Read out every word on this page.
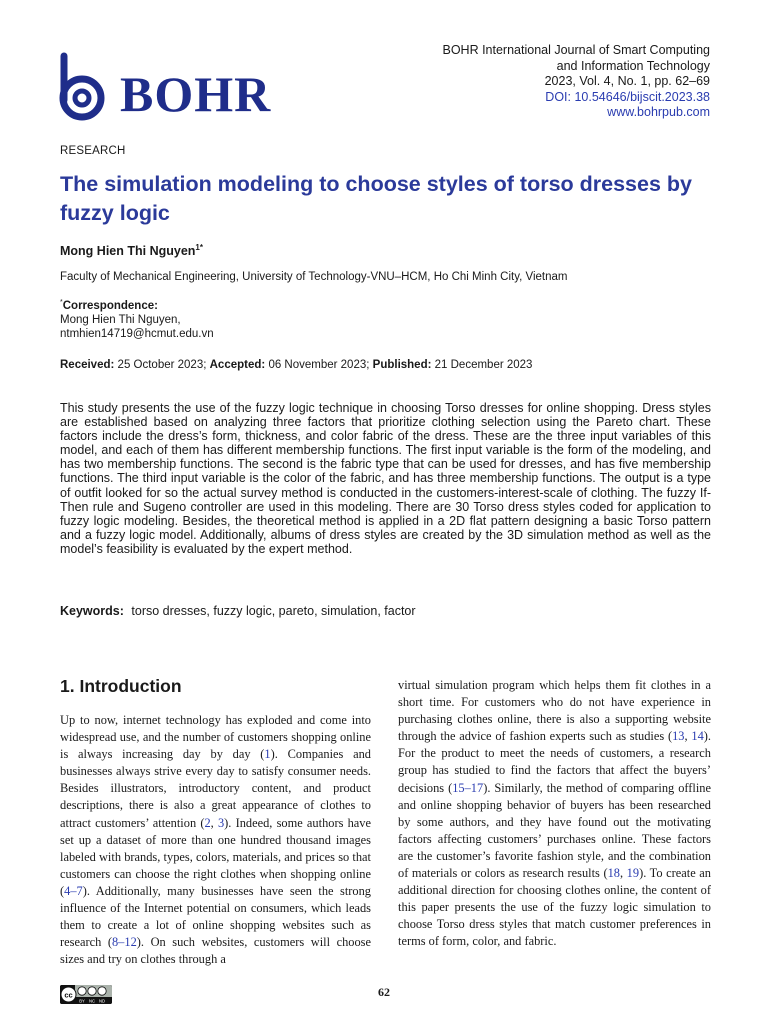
BOHR
BOHR International Journal of Smart Computing
and Information Technology
2023, Vol. 4, No. 1, pp. 62–69
DOI: 10.54646/bijscit.2023.38
www.bohrpub.com
RESEARCH
The simulation modeling to choose styles of torso dresses by fuzzy logic
Mong Hien Thi Nguyen$^{1*}$
Faculty of Mechanical Engineering, University of Technology-VNU–HCM, Ho Chi Minh City, Vietnam
*Correspondence:
Mong Hien Thi Nguyen,
ntmhien14719@hcmut.edu.vn
Received: 25 October 2023; Accepted: 06 November 2023; Published: 21 December 2023
This study presents the use of the fuzzy logic technique in choosing Torso dresses for online shopping. Dress styles are established based on analyzing three factors that prioritize clothing selection using the Pareto chart. These factors include the dress’s form, thickness, and color fabric of the dress. These are the three input variables of this model, and each of them has different membership functions. The first input variable is the form of the modeling, and has two membership functions. The second is the fabric type that can be used for dresses, and has five membership functions. The third input variable is the color of the fabric, and has three membership functions. The output is a type of outfit looked for so the actual survey method is conducted in the customers-interest-scale of clothing. The fuzzy If-Then rule and Sugeno controller are used in this modeling. There are 30 Torso dress styles coded for application to fuzzy logic modeling. Besides, the theoretical method is applied in a 2D flat pattern designing a basic Torso pattern and a fuzzy logic model. Additionally, albums of dress styles are created by the 3D simulation method as well as the model’s feasibility is evaluated by the expert method.
Keywords: torso dresses, fuzzy logic, pareto, simulation, factor
1. Introduction
Up to now, internet technology has exploded and come into widespread use, and the number of customers shopping online is always increasing day by day (1). Companies and businesses always strive every day to satisfy consumer needs. Besides illustrators, introductory content, and product descriptions, there is also a great appearance of clothes to attract customers’ attention (2, 3). Indeed, some authors have set up a dataset of more than one hundred thousand images labeled with brands, types, colors, materials, and prices so that customers can choose the right clothes when shopping online (4–7). Additionally, many businesses have seen the strong influence of the Internet potential on consumers, which leads them to create a lot of online shopping websites such as research (8–12). On such websites, customers will choose sizes and try on clothes through a
virtual simulation program which helps them fit clothes in a short time. For customers who do not have experience in purchasing clothes online, there is also a supporting website through the advice of fashion experts such as studies (13, 14). For the product to meet the needs of customers, a research group has studied to find the factors that affect the buyers’ decisions (15–17). Similarly, the method of comparing offline and online shopping behavior of buyers has been researched by some authors, and they have found out the motivating factors affecting customers’ purchases online. These factors are the customer’s favorite fashion style, and the combination of materials or colors as research results (18, 19). To create an additional direction for choosing clothes online, the content of this paper presents the use of the fuzzy logic simulation to choose Torso dress styles that match customer preferences in terms of form, color, and fabric.
cc
BY NC ND
62
